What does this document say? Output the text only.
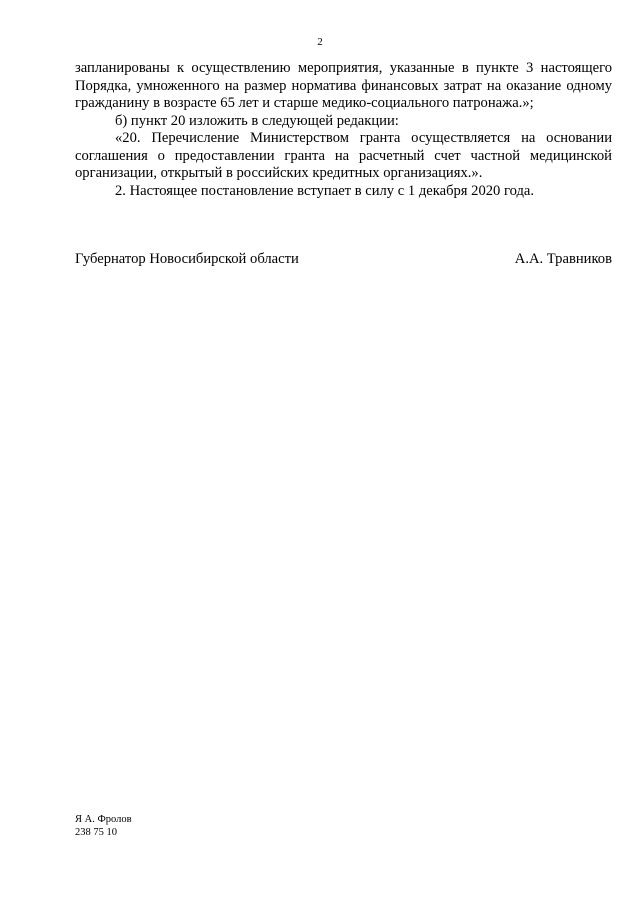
2

запланированы к осуществлению мероприятия, указанные в пункте 3 настоящего Порядка, умноженного на размер норматива финансовых затрат на оказание одному гражданину в возрасте 65 лет и старше медико-социального патронажа.»;

б) пункт 20 изложить в следующей редакции:

«20. Перечисление Министерством гранта осуществляется на основании соглашения о предоставлении гранта на расчетный счет частной медицинской организации, открытый в российских кредитных организациях.».

2. Настоящее постановление вступает в силу с 1 декабря 2020 года.

Губернатор Новосибирской области	А.А. Травников
Я А. Фролов
238 75 10
